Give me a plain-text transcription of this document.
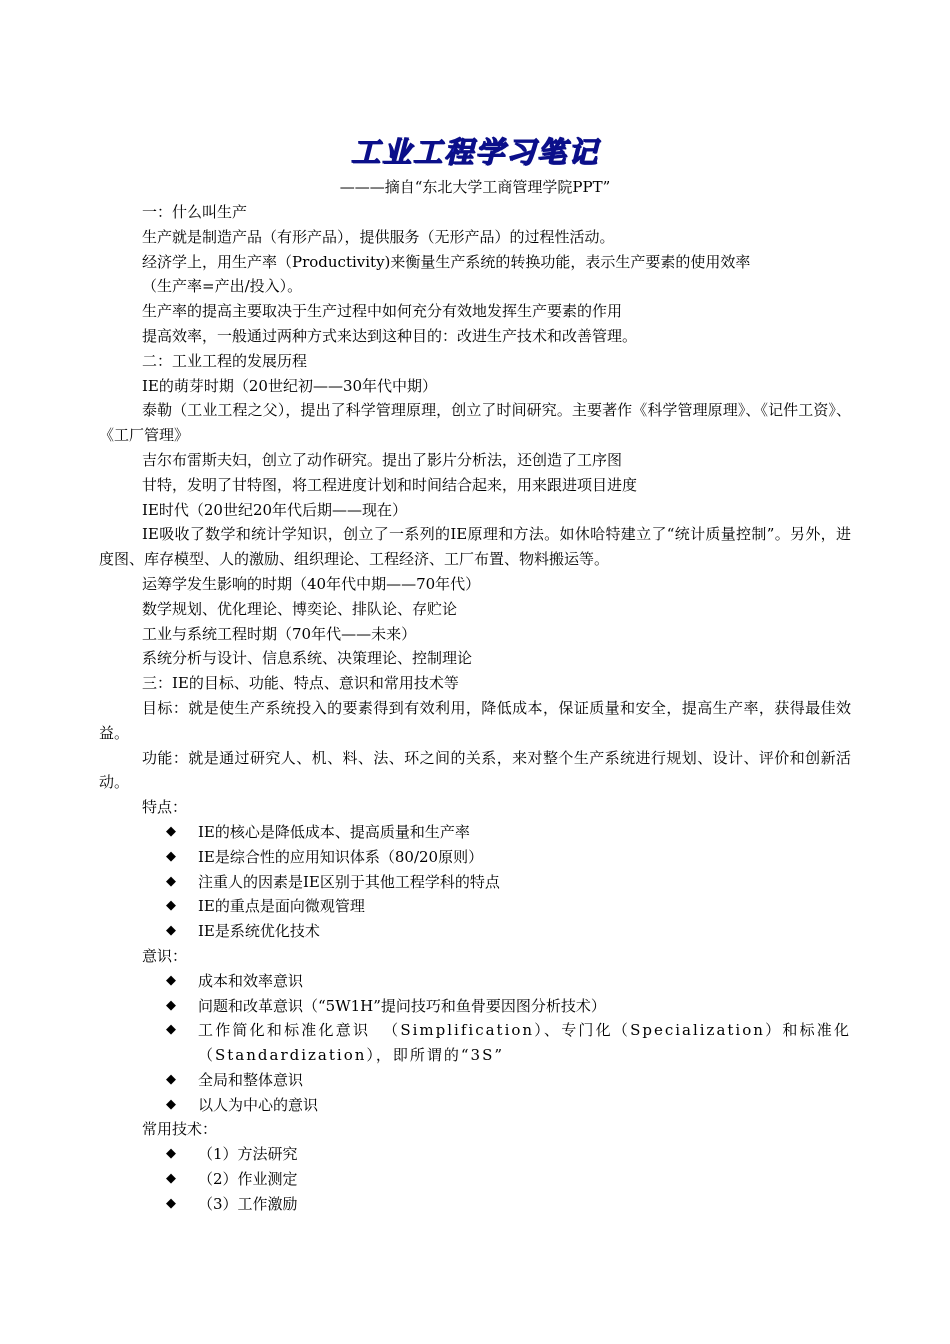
工业工程学习笔记
———摘自“东北大学工商管理学院PPT”

一：什么叫生产

生产就是制造产品（有形产品），提供服务（无形产品）的过程性活动。

经济学上，用生产率（Productivity)来衡量生产系统的转换功能，表示生产要素的使用效率

（生产率=产出/投入）。

生产率的提高主要取决于生产过程中如何充分有效地发挥生产要素的作用

提高效率，一般通过两种方式来达到这种目的：改进生产技术和改善管理。

二：工业工程的发展历程

IE的萌芽时期（20世纪初——30年代中期）

泰勒（工业工程之父），提出了科学管理原理，创立了时间研究。主要著作《科学管理原理》、《记件工资》、《工厂管理》

吉尔布雷斯夫妇，创立了动作研究。提出了影片分析法，还创造了工序图

甘特，发明了甘特图，将工程进度计划和时间结合起来，用来跟进项目进度

IE时代（20世纪20年代后期——现在）

IE吸收了数学和统计学知识，创立了一系列的IE原理和方法。如休哈特建立了“统计质量控制”。另外，进度图、库存模型、人的激励、组织理论、工程经济、工厂布置、物料搬运等。

运筹学发生影响的时期（40年代中期——70年代）

数学规划、优化理论、博奕论、排队论、存贮论

工业与系统工程时期（70年代——未来）

系统分析与设计、信息系统、决策理论、控制理论

三：IE的目标、功能、特点、意识和常用技术等

目标：就是使生产系统投入的要素得到有效利用，降低成本，保证质量和安全，提高生产率，获得最佳效益。

功能：就是通过研究人、机、料、法、环之间的关系，来对整个生产系统进行规划、设计、评价和创新活动。

特点：

◆ IE的核心是降低成本、提高质量和生产率

◆ IE是综合性的应用知识体系（80/20原则）

◆ 注重人的因素是IE区别于其他工程学科的特点

◆ IE的重点是面向微观管理

◆ IE是系统优化技术

意识：

◆ 成本和效率意识

◆ 问题和改革意识（“5W1H”提问技巧和鱼骨要因图分析技术）

◆ 工作简化和标准化意识 （Simplification）、专门化（Specialization）和标准化（Standardization），即所谓的“3S”

◆ 全局和整体意识

◆ 以人为中心的意识

常用技术：

◆ （1）方法研究

◆ （2）作业测定

◆ （3）工作激励
